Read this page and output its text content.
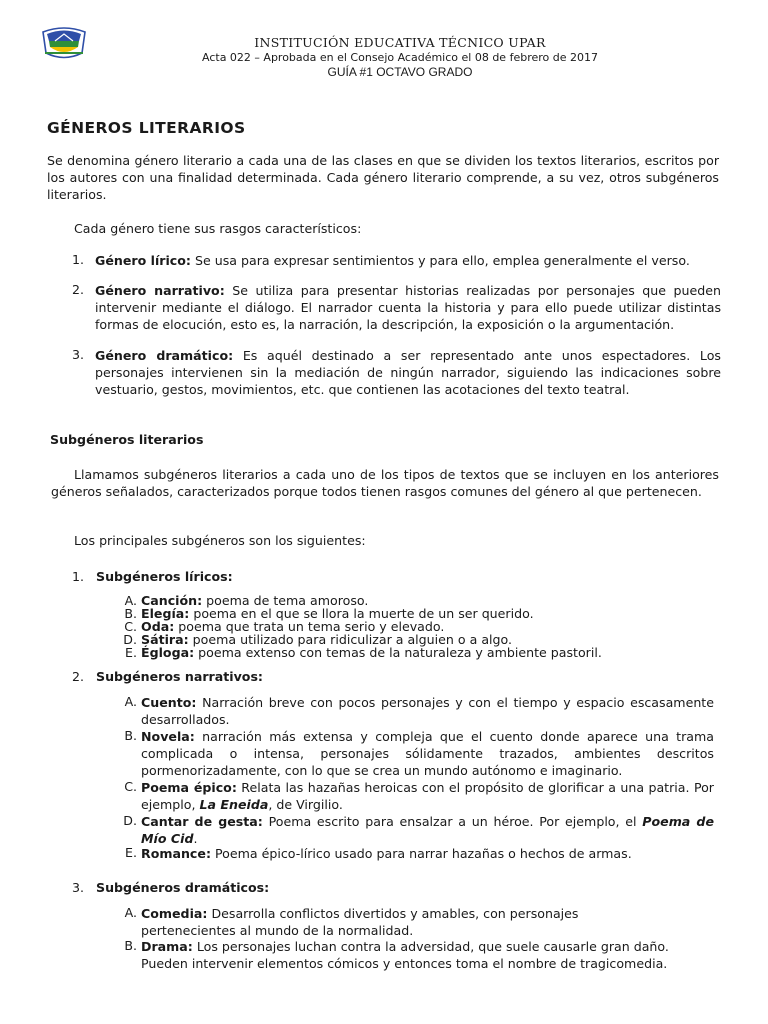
INSTITUCIÓN EDUCATIVA TÉCNICO UPAR
Acta 022 – Aprobada en el Consejo Académico el 08 de febrero de 2017
GUÍA #1 OCTAVO GRADO
GÉNEROS LITERARIOS
Se denomina género literario a cada una de las clases en que se dividen los textos literarios, escritos por los autores con una finalidad determinada. Cada género literario comprende, a su vez, otros subgéneros literarios.
Cada género tiene sus rasgos característicos:
1. Género lírico: Se usa para expresar sentimientos y para ello, emplea generalmente el verso.
2. Género narrativo: Se utiliza para presentar historias realizadas por personajes que pueden intervenir mediante el diálogo. El narrador cuenta la historia y para ello puede utilizar distintas formas de elocución, esto es, la narración, la descripción, la exposición o la argumentación.
3. Género dramático: Es aquél destinado a ser representado ante unos espectadores. Los personajes intervienen sin la mediación de ningún narrador, siguiendo las indicaciones sobre vestuario, gestos, movimientos, etc. que contienen las acotaciones del texto teatral.
Subgéneros literarios
Llamamos subgéneros literarios a cada uno de los tipos de textos que se incluyen en los anteriores géneros señalados, caracterizados porque todos tienen rasgos comunes del género al que pertenecen.
Los principales subgéneros son los siguientes:
1. Subgéneros líricos:
A. Canción: poema de tema amoroso.
B. Elegía: poema en el que se llora la muerte de un ser querido.
C. Oda: poema que trata un tema serio y elevado.
D. Sátira: poema utilizado para ridiculizar a alguien o a algo.
E. Égloga: poema extenso con temas de la naturaleza y ambiente pastoril.
2. Subgéneros narrativos:
A. Cuento: Narración breve con pocos personajes y con el tiempo y espacio escasamente desarrollados.
B. Novela: narración más extensa y compleja que el cuento donde aparece una trama complicada o intensa, personajes sólidamente trazados, ambientes descritos pormenorizadamente, con lo que se crea un mundo autónomo e imaginario.
C. Poema épico: Relata las hazañas heroicas con el propósito de glorificar a una patria. Por ejemplo, La Eneida, de Virgilio.
D. Cantar de gesta: Poema escrito para ensalzar a un héroe. Por ejemplo, el Poema de Mío Cid.
E. Romance: Poema épico-lírico usado para narrar hazañas o hechos de armas.
3. Subgéneros dramáticos:
A. Comedia: Desarrolla conflictos divertidos y amables, con personajes pertenecientes al mundo de la normalidad.
B. Drama: Los personajes luchan contra la adversidad, que suele causarle gran daño. Pueden intervenir elementos cómicos y entonces toma el nombre de tragicomedia.
